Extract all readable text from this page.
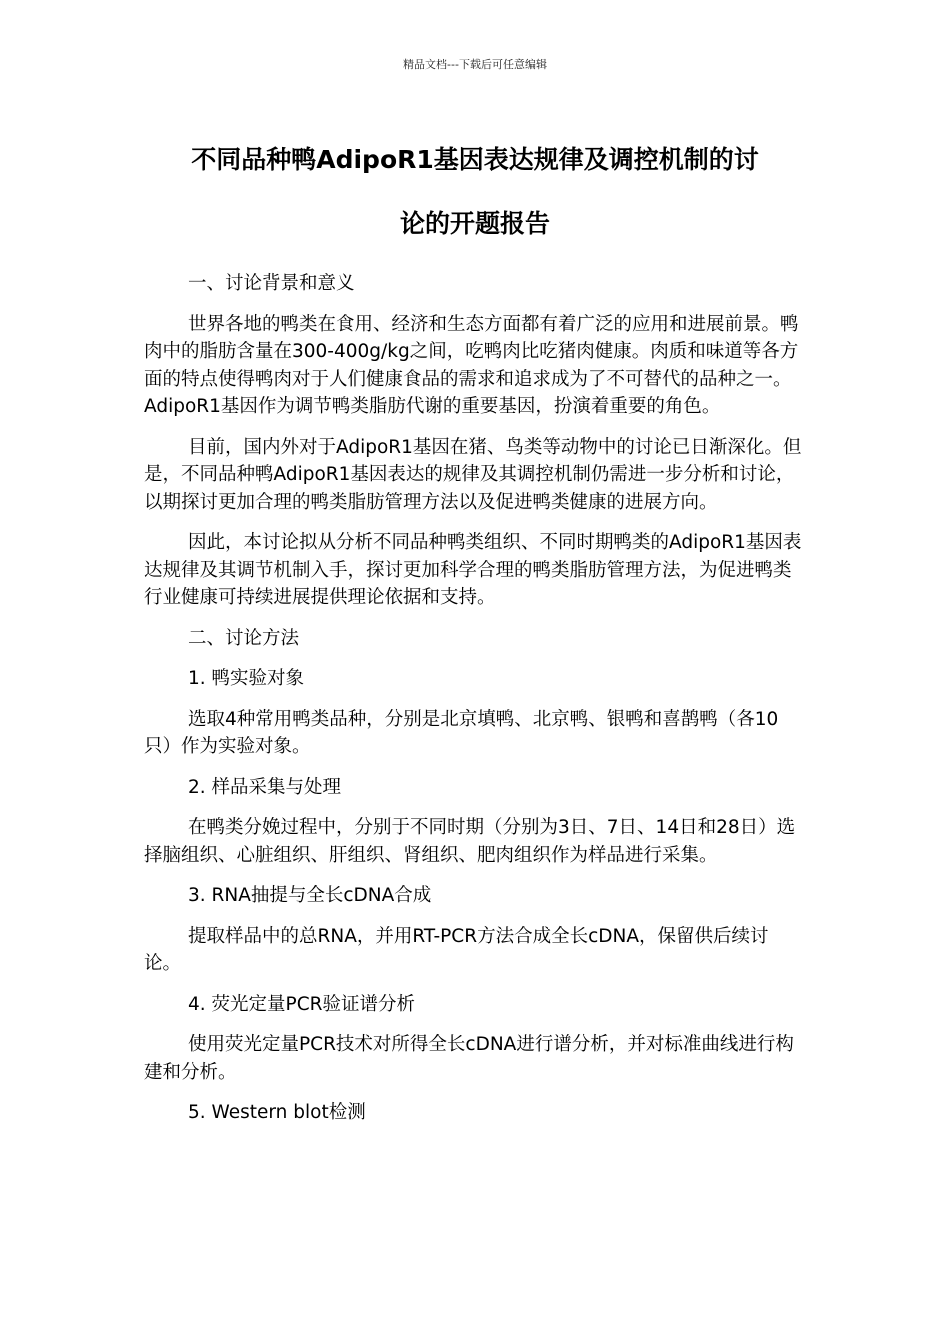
精品文档---下载后可任意编辑
不同品种鸭AdipoR1基因表达规律及调控机制的讨
论的开题报告

一、讨论背景和意义

世界各地的鸭类在食用、经济和生态方面都有着广泛的应用和进展前景。鸭肉中的脂肪含量在300-400g/kg之间，吃鸭肉比吃猪肉健康。肉质和味道等各方面的特点使得鸭肉对于人们健康食品的需求和追求成为了不可替代的品种之一。AdipoR1基因作为调节鸭类脂肪代谢的重要基因，扮演着重要的角色。

目前，国内外对于AdipoR1基因在猪、鸟类等动物中的讨论已日渐深化。但是，不同品种鸭AdipoR1基因表达的规律及其调控机制仍需进一步分析和讨论，以期探讨更加合理的鸭类脂肪管理方法以及促进鸭类健康的进展方向。

因此，本讨论拟从分析不同品种鸭类组织、不同时期鸭类的AdipoR1基因表达规律及其调节机制入手，探讨更加科学合理的鸭类脂肪管理方法，为促进鸭类行业健康可持续进展提供理论依据和支持。

二、讨论方法

1. 鸭实验对象

选取4种常用鸭类品种，分别是北京填鸭、北京鸭、银鸭和喜鹊鸭（各10只）作为实验对象。

2. 样品采集与处理

在鸭类分娩过程中，分别于不同时期（分别为3日、7日、14日和28日）选择脑组织、心脏组织、肝组织、肾组织、肥肉组织作为样品进行采集。

3. RNA抽提与全长cDNA合成

提取样品中的总RNA，并用RT-PCR方法合成全长cDNA，保留供后续讨论。

4. 荧光定量PCR验证谱分析

使用荧光定量PCR技术对所得全长cDNA进行谱分析，并对标准曲线进行构建和分析。

5. Western blot检测
